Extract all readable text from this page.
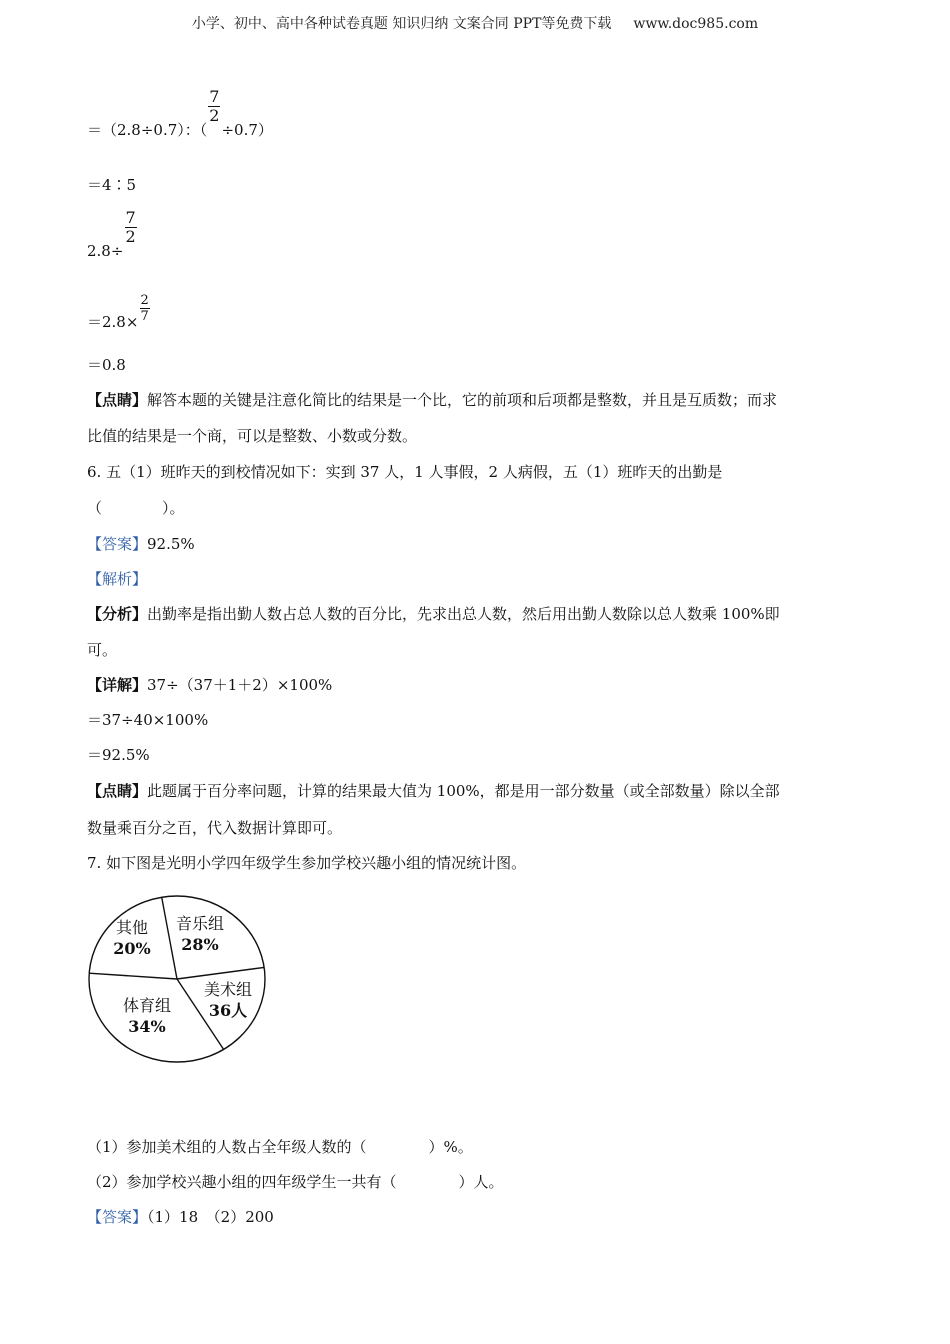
小学、初中、高中各种试卷真题 知识归纳 文案合同 PPT等免费下载 www.doc985.com
＝（2.8÷0.7）：（
$\frac{7}{2}$
÷0.7）
＝4∶5
2.8÷
$\frac{7}{2}$
$=2.8\times \frac{2}{7}$
＝0.8
【点睛】解答本题的关键是注意化简比的结果是一个比，它的前项和后项都是整数，并且是互质数；而求
比值的结果是一个商，可以是整数、小数或分数。
6. 五（1）班昨天的到校情况如下：实到 37 人，1 人事假，2 人病假，五（1）班昨天的出勤是
（	）。
【答案】92.5%
【解析】
【分析】出勤率是指出勤人数占总人数的百分比，先求出总人数，然后用出勤人数除以总人数乘 100%即
可。
【详解】37÷（37＋1＋2）×100%
＝37÷40×100%
＝92.5%
【点睛】此题属于百分率问题，计算的结果最大值为 100%，都是用一部分数量（或全部数量）除以全部
数量乘百分之百，代入数据计算即可。
7. 如下图是光明小学四年级学生参加学校兴趣小组的情况统计图。
其他
20%
音乐组
28%
美术组
36人
体育组
34%
（1）参加美术组的人数占全年级人数的（	）%。
（2）参加学校兴趣小组的四年级学生一共有（	）人。
【答案】（1）18　（2）200
